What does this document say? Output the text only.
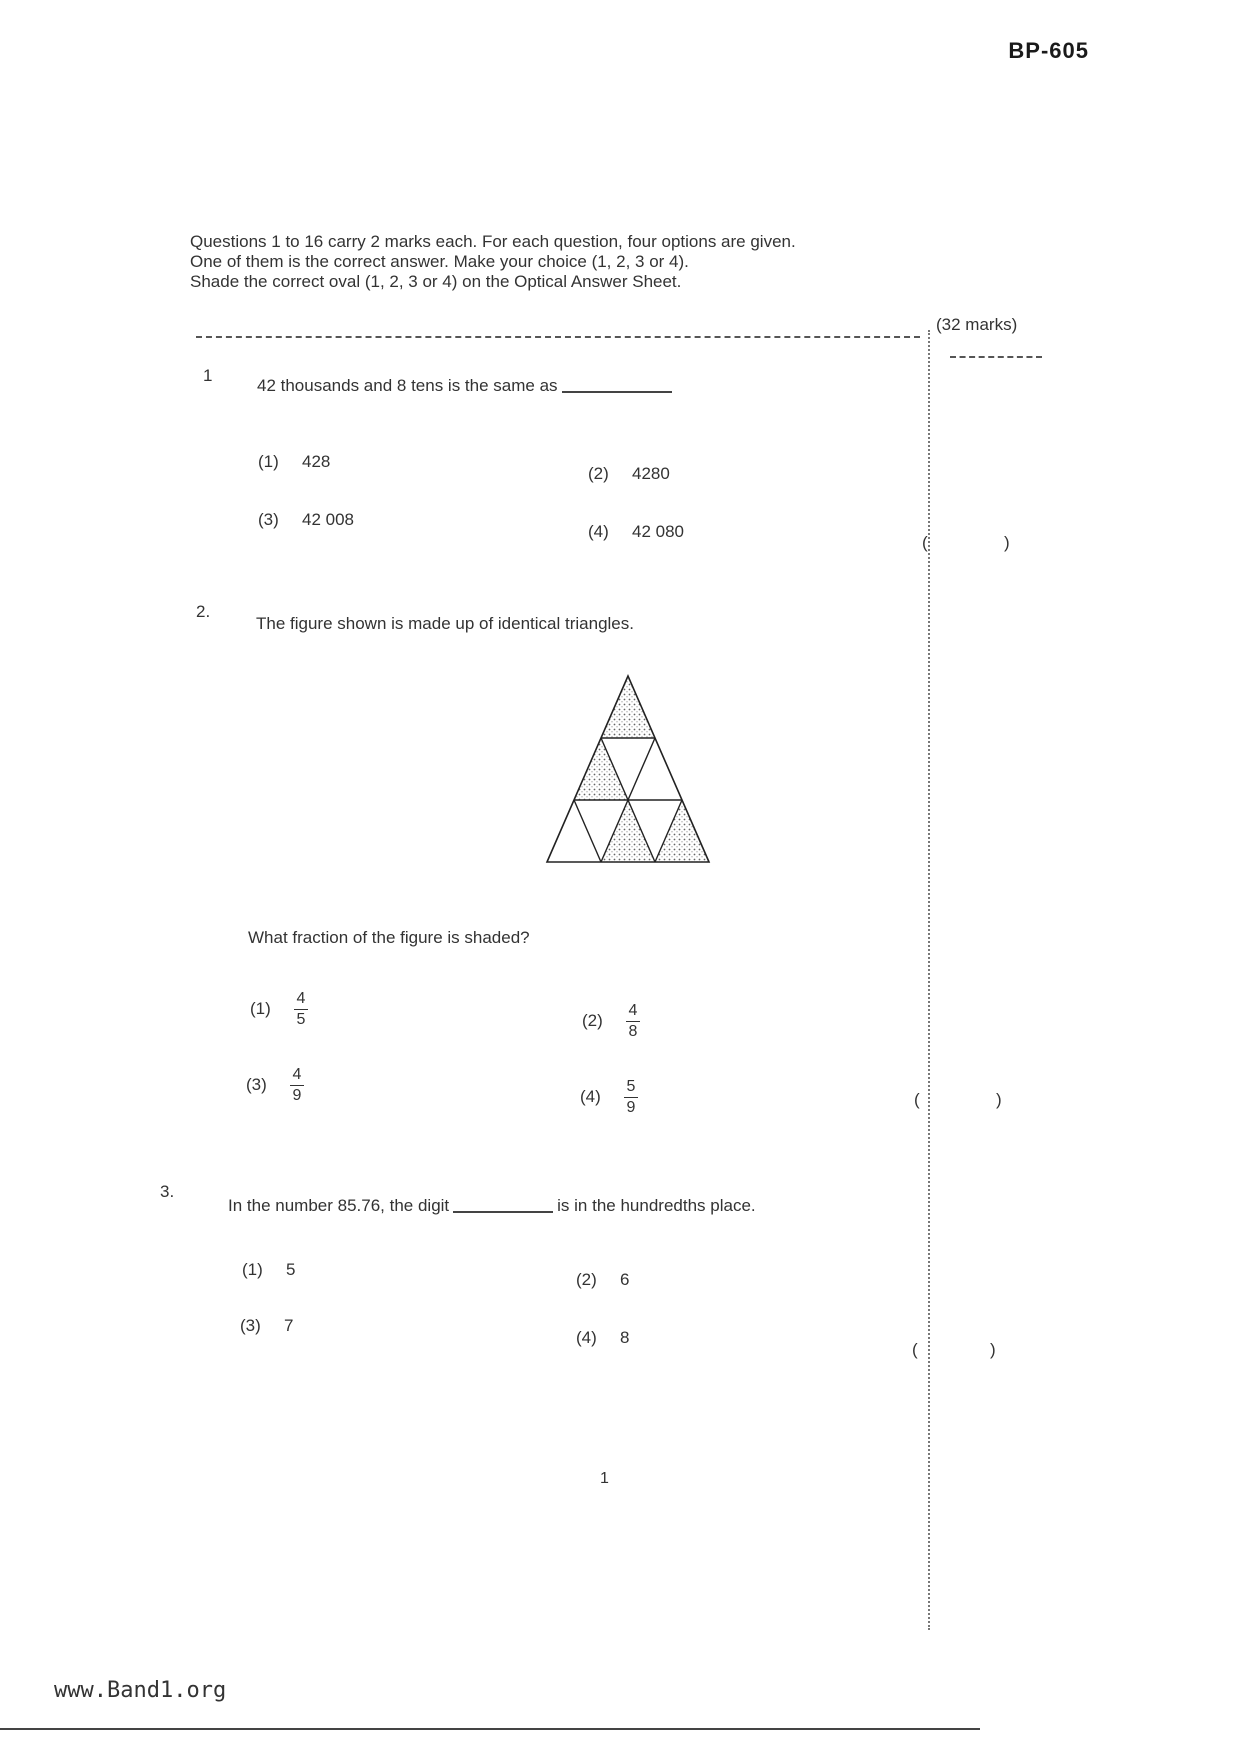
BP-605
Questions 1 to 16 carry 2 marks each. For each question, four options are given.
One of them is the correct answer. Make your choice (1, 2, 3 or 4).
Shade the correct oval (1, 2, 3 or 4) on the Optical Answer Sheet.
(32 marks)
1
42 thousands and 8 tens is the same as
(1) 428
(2) 4280
(3) 42 008
(4) 42 080
(	)
2.
The figure shown is made up of identical triangles.
What fraction of the figure is shaded?
$(1) \frac{4}{5}$	$(2) \frac{4}{8}$
$(3) \frac{4}{9}$	$(4) \frac{5}{9}$	(	)
3.
In the number 85.76, the digit	is in the hundredths place.
(1) 5
(2) 6
(3) 7
(4) 8
(	)
1
www.Band1.org
